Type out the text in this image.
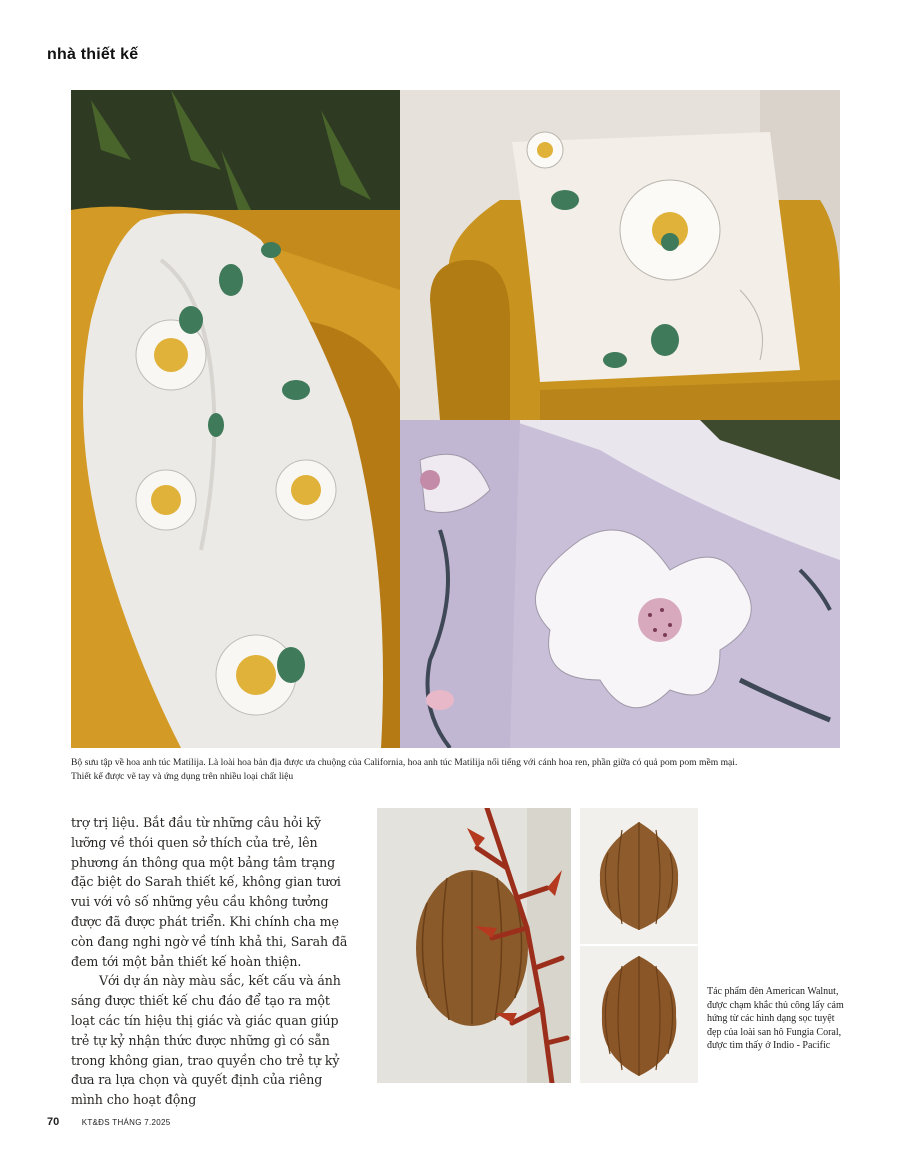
nhà thiết kế
Bộ sưu tập về hoa anh túc Matilija. Là loài hoa bản địa được ưa chuộng của California, hoa anh túc Matilija nổi tiếng với cánh hoa ren, phần giữa có quả pom pom mềm mại.
Thiết kế được vẽ tay và ứng dụng trên nhiều loại chất liệu

trợ trị liệu. Bắt đầu từ những câu hỏi kỹ lưỡng về thói quen sở thích của trẻ, lên phương án thông qua một bảng tâm trạng đặc biệt do Sarah thiết kế, không gian tươi vui với vô số những yêu cầu không tưởng được đã được phát triển. Khi chính cha mẹ còn đang nghi ngờ về tính khả thi, Sarah đã đem tới một bản thiết kế hoàn thiện.

Với dự án này màu sắc, kết cấu và ánh sáng được thiết kế chu đáo để tạo ra một loạt các tín hiệu thị giác và giác quan giúp trẻ tự kỷ nhận thức được những gì có sẵn trong không gian, trao quyền cho trẻ tự kỷ đưa ra lựa chọn và quyết định của riêng mình cho hoạt động

Tác phẩm đèn American Walnut, được chạm khắc thủ công lấy cảm hứng từ các hình dạng sọc tuyệt đẹp của loài san hô Fungia Coral, được tìm thấy ở Indio - Pacific
70	KT&ĐS THÁNG 7.2025
